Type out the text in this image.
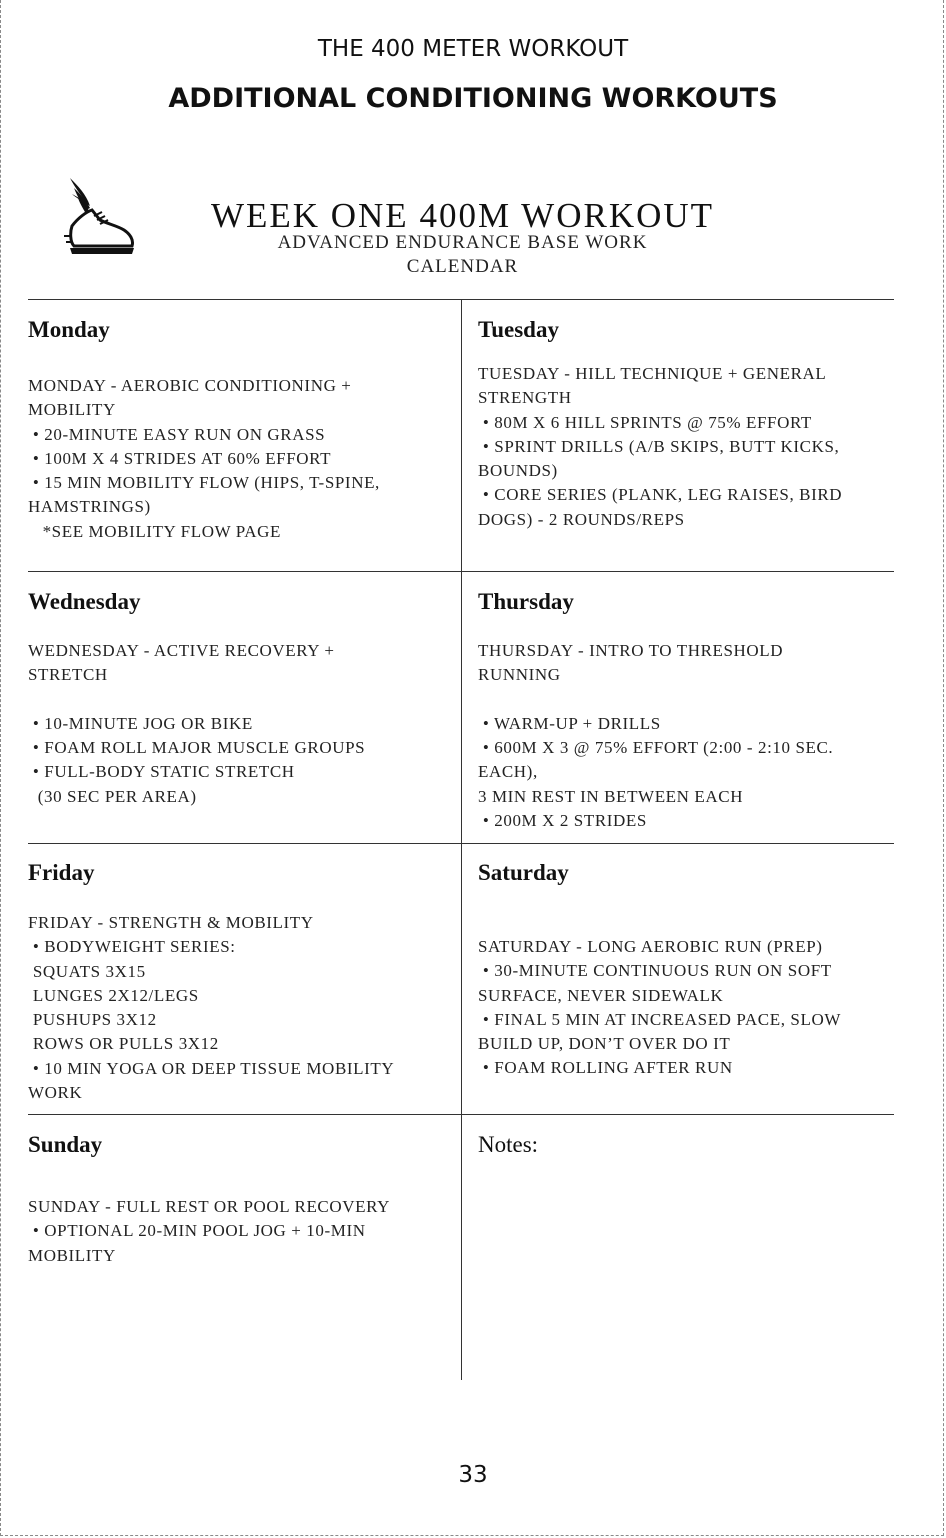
THE 400 METER WORKOUT
ADDITIONAL CONDITIONING WORKOUTS
WEEK ONE 400M WORKOUT
ADVANCED ENDURANCE BASE WORK
CALENDAR
Monday
MONDAY - AEROBIC CONDITIONING +
MOBILITY
• 20-MINUTE EASY RUN ON GRASS
• 100M X 4 STRIDES AT 60% EFFORT
• 15 MIN MOBILITY FLOW (HIPS, T-SPINE,
HAMSTRINGS)
*SEE MOBILITY FLOW PAGE
Tuesday
TUESDAY - HILL TECHNIQUE + GENERAL
STRENGTH
• 80M X 6 HILL SPRINTS @ 75% EFFORT
• SPRINT DRILLS (A/B SKIPS, BUTT KICKS,
BOUNDS)
• CORE SERIES (PLANK, LEG RAISES, BIRD
DOGS) - 2 ROUNDS/REPS
Wednesday
WEDNESDAY - ACTIVE RECOVERY +
STRETCH

• 10-MINUTE JOG OR BIKE
• FOAM ROLL MAJOR MUSCLE GROUPS
• FULL-BODY STATIC STRETCH
(30 SEC PER AREA)
Thursday
THURSDAY - INTRO TO THRESHOLD
RUNNING

• WARM-UP + DRILLS
• 600M X 3 @ 75% EFFORT (2:00 - 2:10 SEC.
EACH),
3 MIN REST IN BETWEEN EACH
• 200M X 2 STRIDES
Friday
FRIDAY - STRENGTH & MOBILITY
• BODYWEIGHT SERIES:
SQUATS 3X15
LUNGES 2X12/LEGS
PUSHUPS 3X12
ROWS OR PULLS 3X12
• 10 MIN YOGA OR DEEP TISSUE MOBILITY
WORK
Saturday
SATURDAY - LONG AEROBIC RUN (PREP)
• 30-MINUTE CONTINUOUS RUN ON SOFT
SURFACE, NEVER SIDEWALK
• FINAL 5 MIN AT INCREASED PACE, SLOW
BUILD UP, DON’T OVER DO IT
• FOAM ROLLING AFTER RUN
Sunday
SUNDAY - FULL REST OR POOL RECOVERY
• OPTIONAL 20-MIN POOL JOG + 10-MIN
MOBILITY
Notes:
33
